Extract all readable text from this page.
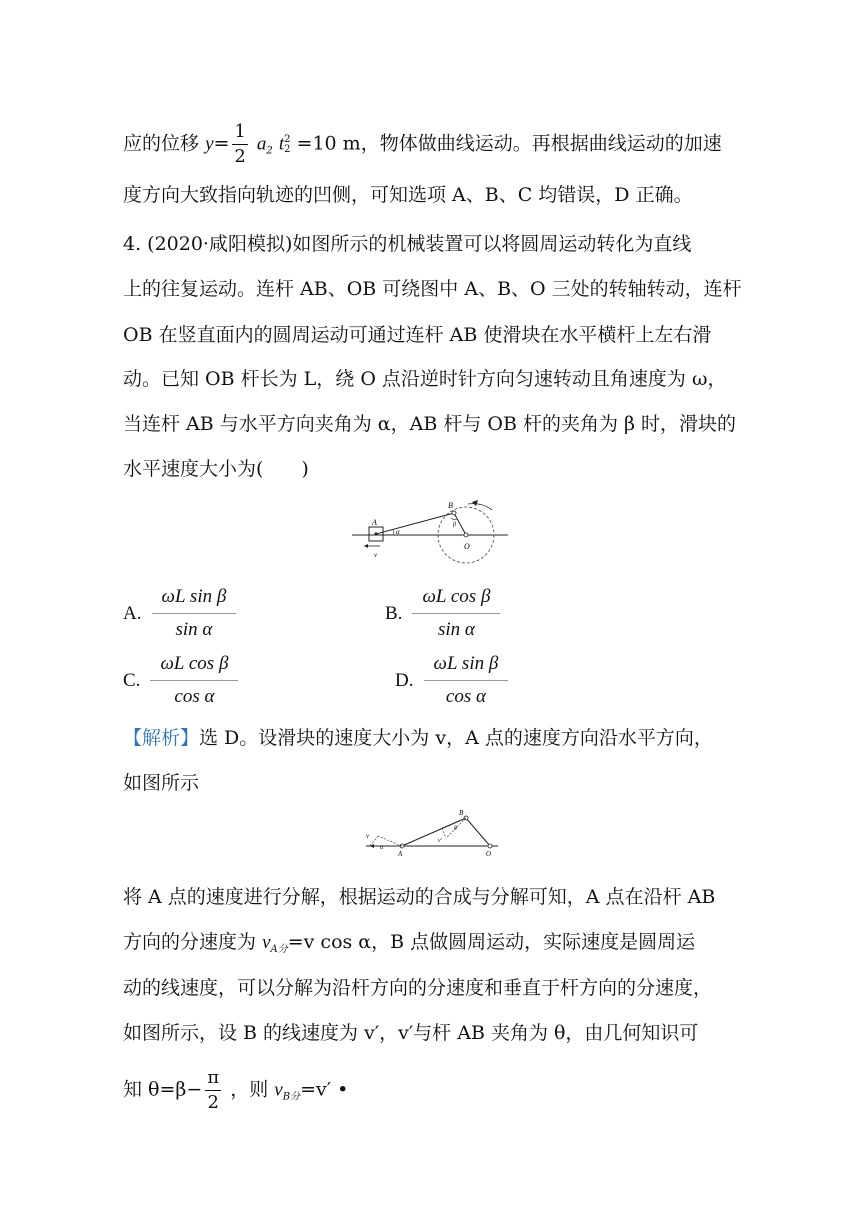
应的位移 $y= \frac{1}{2} a_2$ t 2
2 =10 m，物体做曲线运动。再根据曲线运动的加速
度方向大致指向轨迹的凹侧，可知选项 A、B、C 均错误，D 正确。
4. (2020·咸阳模拟)如图所示的机械装置可以将圆周运动转化为直线
上的往复运动。连杆 AB、OB 可绕图中 A、B、O 三处的转轴转动，连杆
OB 在竖直面内的圆周运动可通过连杆 AB 使滑块在水平横杆上左右滑
动。已知 OB 杆长为 L，绕 O 点沿逆时针方向匀速转动且角速度为 ω，
当连杆 AB 与水平方向夹角为 α，AB 杆与 OB 杆的夹角为 β 时，滑块的
水平速度大小为(　　)
A
B
O
α
β
v
A. $\frac{\text{ωL sin β}}{\text{sin α}}$	B. $\frac{\text{ωL cos β}}{\text{sin α}}$
C. $\frac{\text{ωL cos β}}{\text{cos α}}$	D. $\frac{\text{ωL sin β}}{\text{cos α}}$
【解析】选 D。设滑块的速度大小为 v，A 点的速度方向沿水平方向，
如图所示
v
α
A
B
O
θ
v′
将 A 点的速度进行分解，根据运动的合成与分解可知，A 点在沿杆 AB
方向的分速度为 $v_{A分}=v$ cos α，B 点做圆周运动，实际速度是圆周运
动的线速度，可以分解为沿杆方向的分速度和垂直于杆方向的分速度，
如图所示，设 B 的线速度为 v′，v′与杆 AB 夹角为 θ，由几何知识可
知 $\theta=\beta- \frac{\pi}{2}$ ，则 $v_{B分}=v'$ •
